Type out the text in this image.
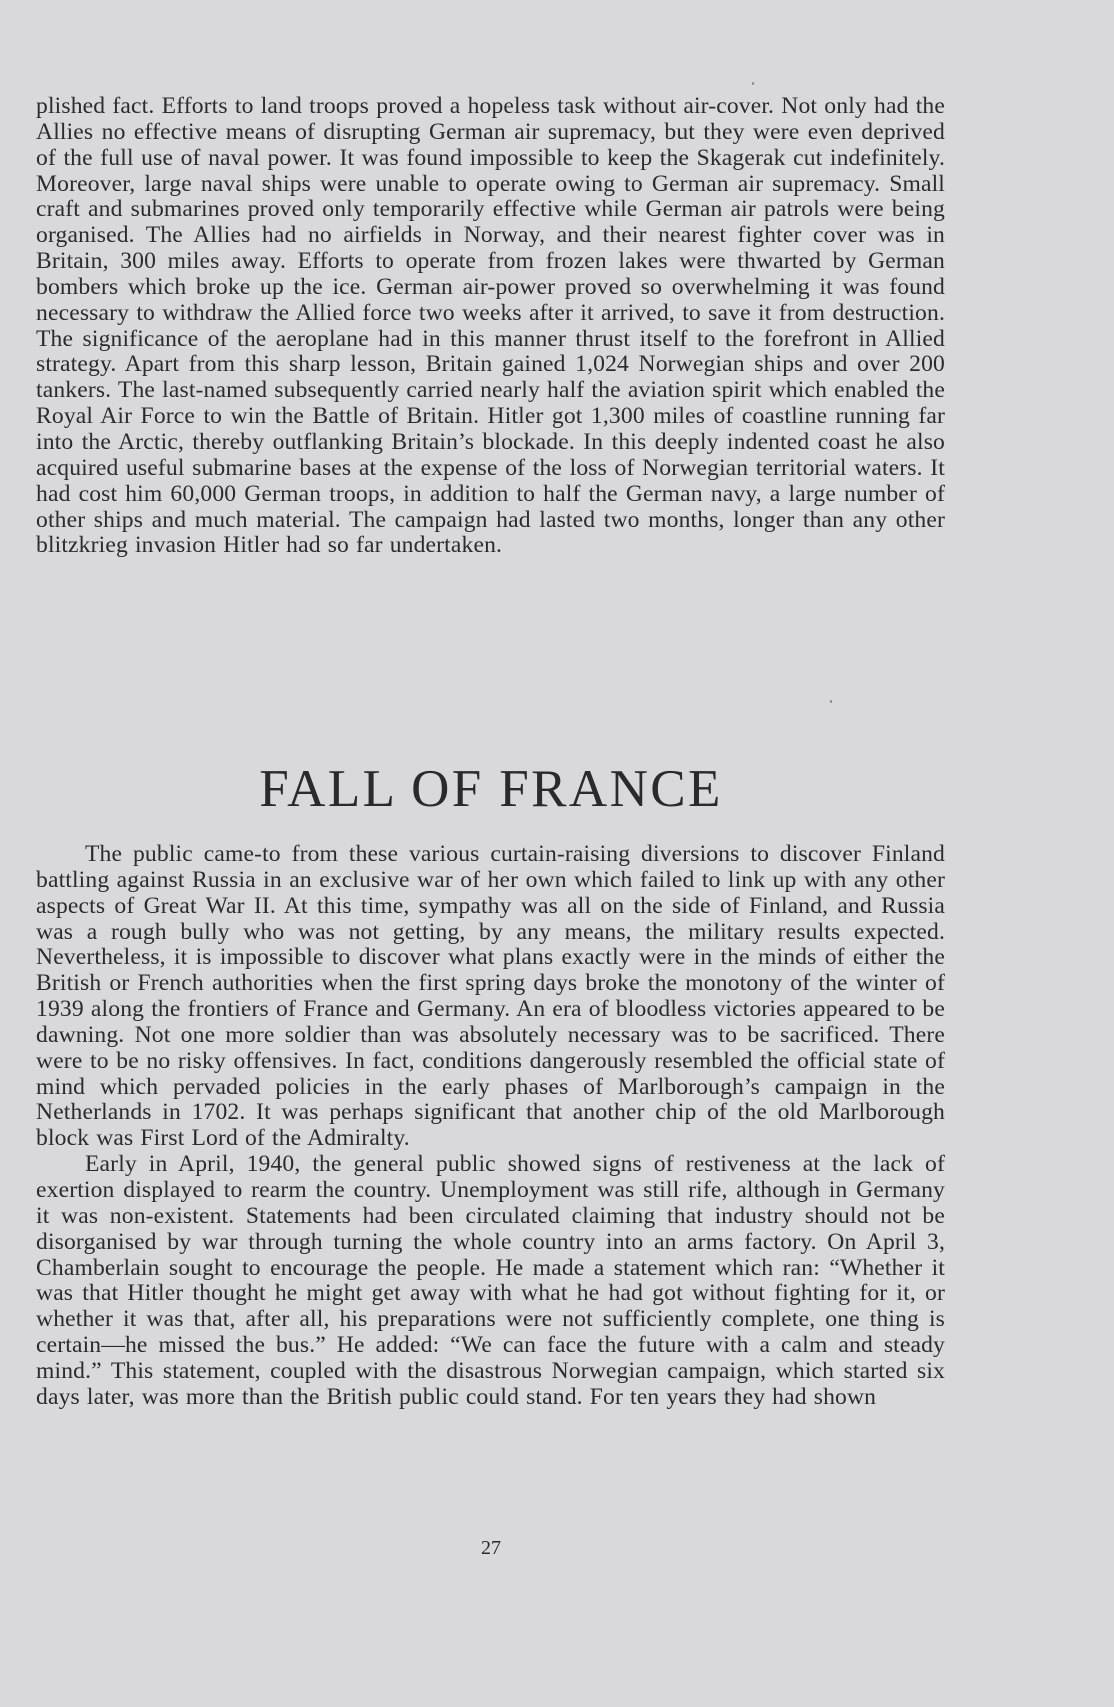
plished fact. Efforts to land troops proved a hopeless task without air-cover. Not only had the Allies no effective means of disrupting German air supremacy, but they were even deprived of the full use of naval power. It was found impossible to keep the Skagerak cut indefinitely. Moreover, large naval ships were unable to operate owing to German air supremacy. Small craft and submarines proved only temporarily effective while German air patrols were being organised. The Allies had no airfields in Norway, and their nearest fighter cover was in Britain, 300 miles away. Efforts to operate from frozen lakes were thwarted by German bombers which broke up the ice. German air-power proved so overwhelming it was found necessary to withdraw the Allied force two weeks after it arrived, to save it from destruction. The significance of the aeroplane had in this manner thrust itself to the forefront in Allied strategy. Apart from this sharp lesson, Britain gained 1,024 Norwegian ships and over 200 tankers. The last-named subsequently carried nearly half the aviation spirit which enabled the Royal Air Force to win the Battle of Britain. Hitler got 1,300 miles of coastline running far into the Arctic, thereby outflanking Britain’s blockade. In this deeply indented coast he also acquired useful submarine bases at the expense of the loss of Norwegian territorial waters. It had cost him 60,000 German troops, in addition to half the German navy, a large number of other ships and much material. The campaign had lasted two months, longer than any other blitzkrieg invasion Hitler had so far undertaken.

FALL OF FRANCE

The public came-to from these various curtain-raising diversions to discover Finland battling against Russia in an exclusive war of her own which failed to link up with any other aspects of Great War II. At this time, sympathy was all on the side of Finland, and Russia was a rough bully who was not getting, by any means, the military results expected. Nevertheless, it is impossible to discover what plans exactly were in the minds of either the British or French authorities when the first spring days broke the monotony of the winter of 1939 along the frontiers of France and Germany. An era of bloodless victories appeared to be dawning. Not one more soldier than was absolutely necessary was to be sacrificed. There were to be no risky offensives. In fact, conditions dangerously resembled the official state of mind which pervaded policies in the early phases of Marlborough’s campaign in the Netherlands in 1702. It was perhaps significant that another chip of the old Marlborough block was First Lord of the Admiralty.

Early in April, 1940, the general public showed signs of restiveness at the lack of exertion displayed to rearm the country. Unemployment was still rife, although in Germany it was non-existent. Statements had been circulated claiming that industry should not be disorganised by war through turning the whole country into an arms factory. On April 3, Chamberlain sought to encourage the people. He made a statement which ran: “Whether it was that Hitler thought he might get away with what he had got without fighting for it, or whether it was that, after all, his preparations were not sufficiently complete, one thing is certain—he missed the bus.” He added: “We can face the future with a calm and steady mind.” This statement, coupled with the disastrous Norwegian campaign, which started six days later, was more than the British public could stand. For ten years they had shown

27
